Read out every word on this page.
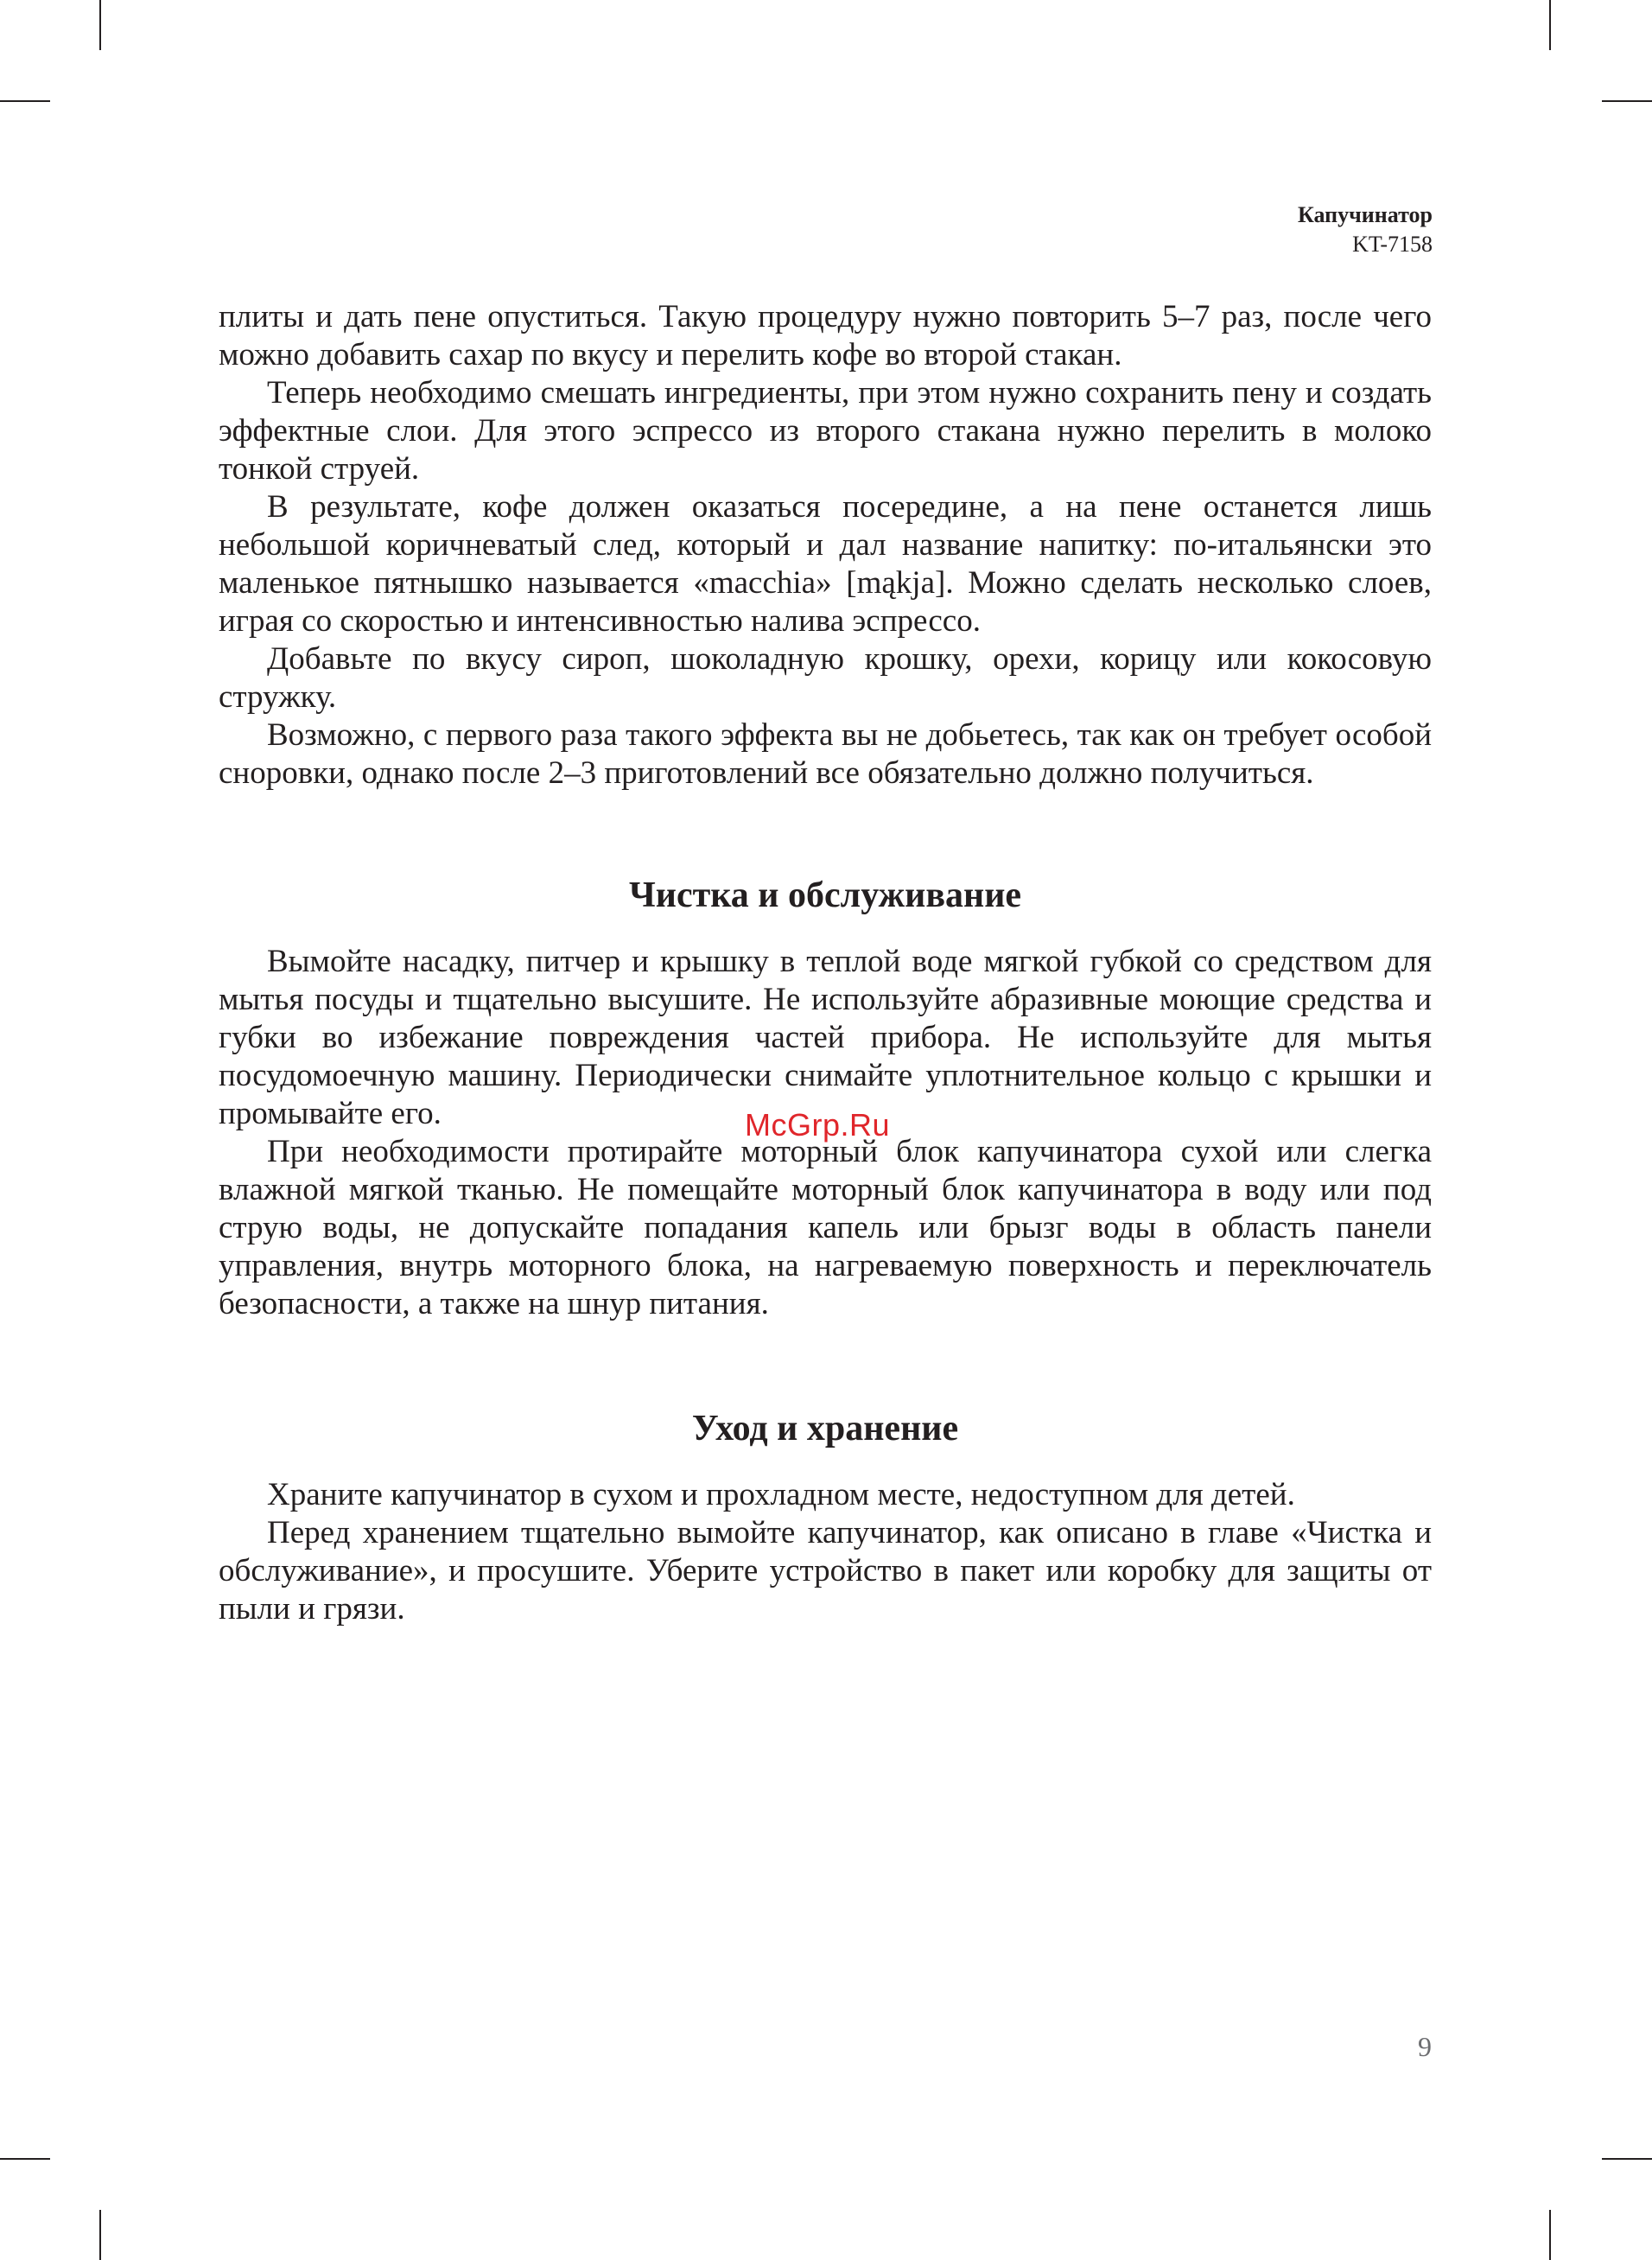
Капучинатор
KT-7158

плиты и дать пене опуститься. Такую процедуру нужно повторить 5–7 раз, после чего можно добавить сахар по вкусу и перелить кофе во второй стакан.

Теперь необходимо смешать ингредиенты, при этом нужно сохранить пену и создать эффектные слои. Для этого эспрессо из второго стакана нужно перелить в молоко тонкой струей.

В результате, кофе должен оказаться посередине, а на пене останется лишь небольшой коричневатый след, который и дал название напитку: по-итальянски это маленькое пятнышко называется «macchia» [mąkja]. Можно сделать несколько слоев, играя со скоростью и интенсивностью налива эспрессо.

Добавьте по вкусу сироп, шоколадную крошку, орехи, корицу или кокосовую стружку.

Возможно, с первого раза такого эффекта вы не добьетесь, так как он требует особой сноровки, однако после 2–3 приготовлений все обязательно должно получиться.

Чистка и обслуживание

Вымойте насадку, питчер и крышку в теплой воде мягкой губкой со средством для мытья посуды и тщательно высушите. Не используйте абразивные моющие средства и губки во избежание повреждения частей прибора. Не используйте для мытья посудомоечную машину. Периодически снимайте уплотнительное кольцо с крышки и промывайте его.

При необходимости протирайте моторный блок капучинатора сухой или слегка влажной мягкой тканью. Не помещайте моторный блок капучинатора в воду или под струю воды, не допускайте попадания капель или брызг воды в область панели управления, внутрь моторного блока, на нагреваемую поверхность и переключатель безопасности, а также на шнур питания.

Уход и хранение

Храните капучинатор в сухом и прохладном месте, недоступном для детей.

Перед хранением тщательно вымойте капучинатор, как описано в главе «Чистка и обслуживание», и просушите. Уберите устройство в пакет или коробку для защиты от пыли и грязи.

McGrp.Ru
9
